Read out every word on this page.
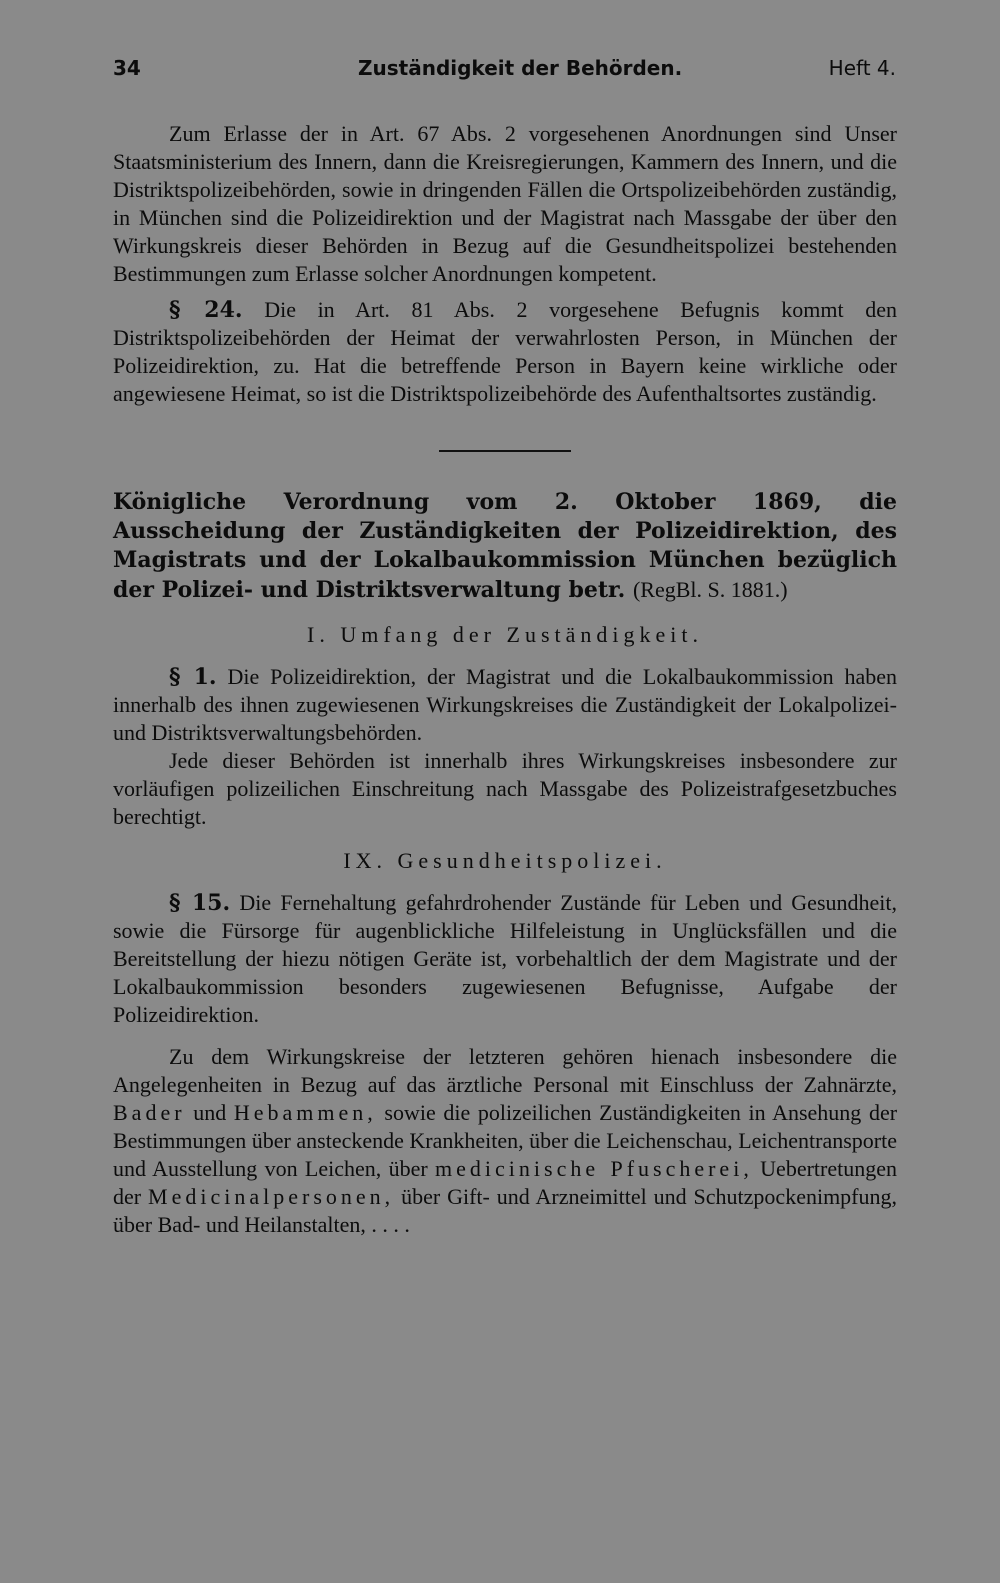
34	Zuständigkeit der Behörden.	Heft 4.

Zum Erlasse der in Art. 67 Abs. 2 vorgesehenen Anordnungen sind Unser Staatsministerium des Innern, dann die Kreisregierungen, Kammern des Innern, und die Distriktspolizeibehörden, sowie in dringenden Fällen die Ortspolizeibehörden zuständig, in München sind die Polizeidirektion und der Magistrat nach Massgabe der über den Wirkungskreis dieser Behörden in Bezug auf die Gesundheitspolizei bestehenden Bestimmungen zum Erlasse solcher Anordnungen kompetent.

§ 24. Die in Art. 81 Abs. 2 vorgesehene Befugnis kommt den Distriktspolizeibehörden der Heimat der verwahrlosten Person, in München der Polizeidirektion, zu. Hat die betreffende Person in Bayern keine wirkliche oder angewiesene Heimat, so ist die Distriktspolizeibehörde des Aufenthaltsortes zuständig.

Königliche Verordnung vom 2. Oktober 1869, die Ausscheidung der Zuständigkeiten der Polizeidirektion, des Magistrats und der Lokalbaukommission München bezüglich der Polizei- und Distriktsverwaltung betr. (RegBl. S. 1881.)

I. Umfang der Zuständigkeit.

§ 1. Die Polizeidirektion, der Magistrat und die Lokalbaukommission haben innerhalb des ihnen zugewiesenen Wirkungskreises die Zuständigkeit der Lokalpolizei- und Distriktsverwaltungsbehörden.

Jede dieser Behörden ist innerhalb ihres Wirkungskreises insbesondere zur vorläufigen polizeilichen Einschreitung nach Massgabe des Polizeistrafgesetzbuches berechtigt.

IX. Gesundheitspolizei.

§ 15. Die Fernehaltung gefahrdrohender Zustände für Leben und Gesundheit, sowie die Fürsorge für augenblickliche Hilfeleistung in Unglücksfällen und die Bereitstellung der hiezu nötigen Geräte ist, vorbehaltlich der dem Magistrate und der Lokalbaukommission besonders zugewiesenen Befugnisse, Aufgabe der Polizeidirektion.

Zu dem Wirkungskreise der letzteren gehören hienach insbesondere die Angelegenheiten in Bezug auf das ärztliche Personal mit Einschluss der Zahnärzte, Bader und Hebammen, sowie die polizeilichen Zuständigkeiten in Ansehung der Bestimmungen über ansteckende Krankheiten, über die Leichenschau, Leichentransporte und Ausstellung von Leichen, über medicinische Pfuscherei, Uebertretungen der Medicinalpersonen, über Gift- und Arzneimittel und Schutzpockenimpfung, über Bad- und Heilanstalten, . . . .
